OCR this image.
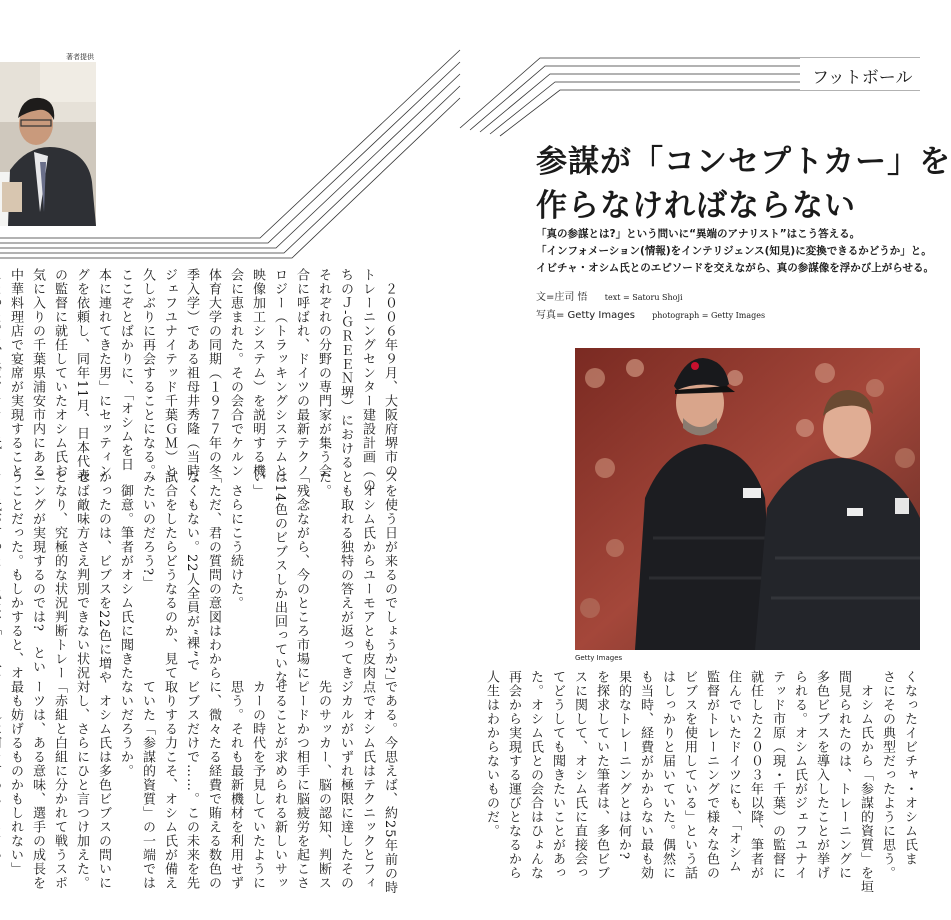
フットボール
著者提供
参謀が「コンセプトカー」を
作らなければならない
「真の参謀とは?」という問いに“異端のアナリスト”はこう答える。
「インフォメーション(情報)をインテリジェンス(知見)に変換できるかどうか」と。
イビチャ・オシム氏とのエピソードを交えながら、真の参謀像を浮かび上がらせる。
文=庄司 悟 text = Satoru Shoji
写真= Getty Images photograph = Getty Images
Getty Images
　２００６年９月、大阪府堺市の
トレーニングセンター建設計画（の
ちのＪ-ＧＲＥＥＮ堺）における
それぞれの分野の専門家が集う会
合に呼ばれ、ドイツの最新テクノ
ロジー（トラッキングシステムと
映像加工システム）を説明する機
会に恵まれた。その会合でケルン
体育大学の同期（１９７７年の冬
季入学）である祖母井秀隆（当時、
ジェフユナイテッド千葉ＧＭ）と
久しぶりに再会することになる。
ここぞとばかりに、「オシムを日
本に連れてきた男」にセッティン
グを依頼し、同年11月、日本代表
の監督に就任していたオシム氏お
気に入りの千葉県浦安市内にある
中華料理店で宴席が実現すること
スを使う日が来るのでしょうか?」
　オシム氏からユーモアとも皮肉
とも取れる独特の答えが返ってき
た。
「残念ながら、今のところ市場に
は14色のビブスしか出回っていな
い」
　さらにこう続けた。
「ただ、君の質問の意図はわから
なくもない。22人全員が“裸”で
試合をしたらどうなるのか、見て
みたいのだろう?」
　御意。筆者がオシム氏に聞きた
かったのは、ビブスを22色に増や
せば敵味方さえ判別できない状況
となり、究極的な状況判断トレー
ニングが実現するのでは?　とい
うことだった。もしかすると、オ
である。今思えば、約25年前の時
点でオシム氏はテクニックとフィ
ジカルがいずれ極限に達したその
先のサッカー、脳の認知、判断ス
ピードかつ相手に脳疲労を起こさ
せることが求められる新しいサッ
カーの時代を予見していたように
思う。それも最新機材を利用せず
に、微々たる経費で賄える数色の
ビブスだけで……。この未来を先
取りする力こそ、オシム氏が備え
ていた「参謀的資質」の一端では
ないだろうか。
　オシム氏は多色ビブスの問いに
対し、さらにひと言つけ加えた。
「赤組と白組に分かれて戦うスポ
ーツは、ある意味、選手の成長を
最も妨げるものかもしれない」	くなったイビチャ・オシム氏ま
さにその典型だったように思う。
　オシム氏から「参謀的資質」を垣
間見られたのは、トレーニングに
多色ビブスを導入したことが挙げ
られる。オシム氏がジェフユナイ
テッド市原（現・千葉）の監督に
就任した２００３年以降、筆者が
住んでいたドイツにも、「オシム
監督がトレーニングで様々な色の
ビブスを使用している」という話
はしっかりと届いていた。偶然に
も当時、経費がかからない最も効
果的なトレーニングとは何か?
を探求していた筆者は、多色ビブ
スに関して、オシム氏に直接会っ
てどうしても聞きたいことがあっ
た。オシム氏との会合はひょんな
再会から実現する運びとなるから
人生はわからないものだ。
